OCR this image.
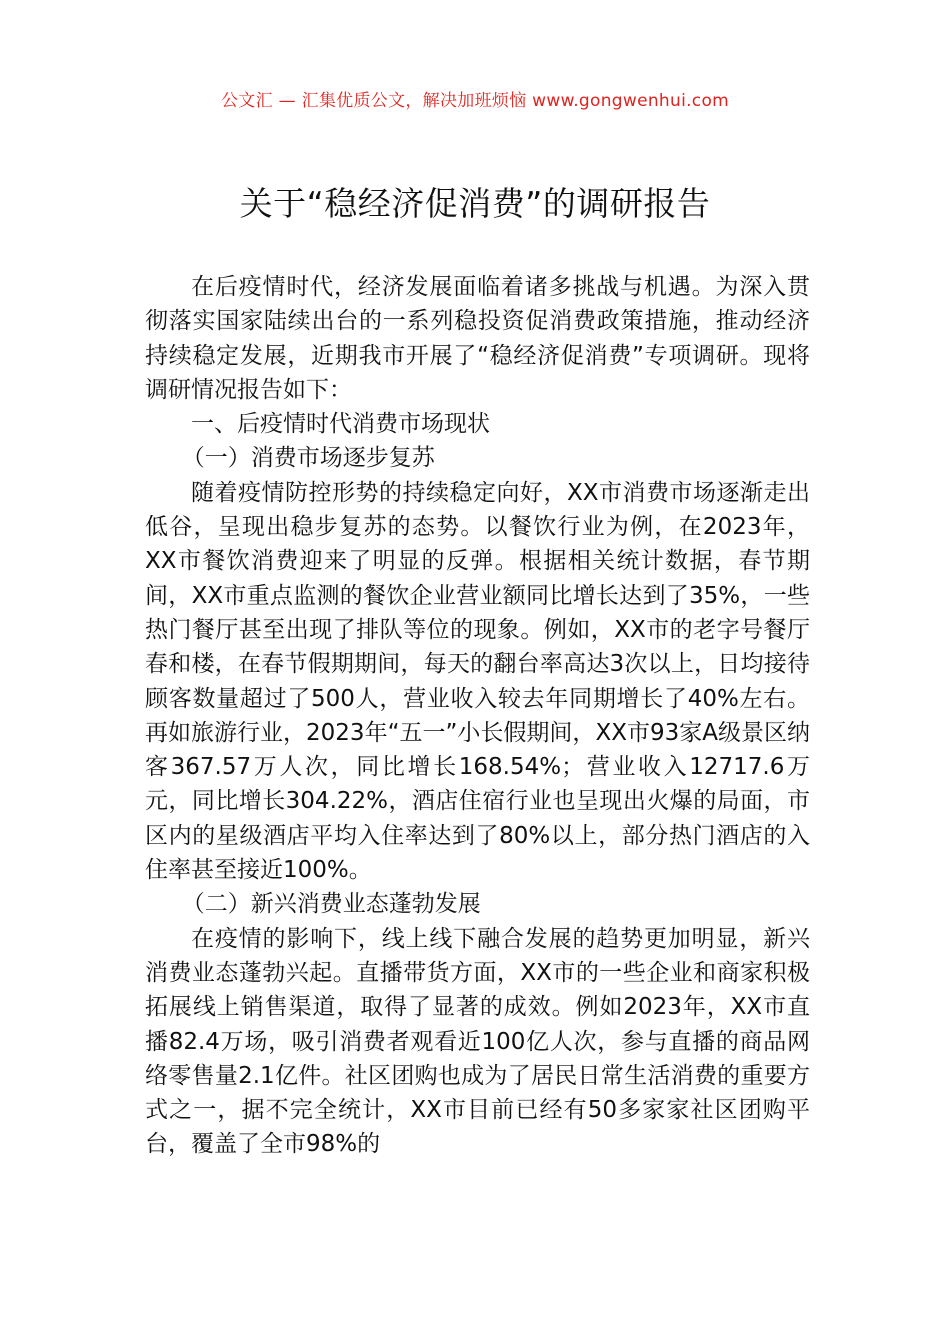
公文汇 — 汇集优质公文，解决加班烦恼 www.gongwenhui.com
关于“稳经济促消费”的调研报告

在后疫情时代，经济发展面临着诸多挑战与机遇。为深入贯彻落实国家陆续出台的一系列稳投资促消费政策措施，推动经济持续稳定发展，近期我市开展了“稳经济促消费”专项调研。现将调研情况报告如下：

一、后疫情时代消费市场现状

（一）消费市场逐步复苏

随着疫情防控形势的持续稳定向好，XX市消费市场逐渐走出低谷，呈现出稳步复苏的态势。以餐饮行业为例，在2023年，XX市餐饮消费迎来了明显的反弹。根据相关统计数据，春节期间，XX市重点监测的餐饮企业营业额同比增长达到了35%，一些热门餐厅甚至出现了排队等位的现象。例如，XX市的老字号餐厅春和楼，在春节假期期间，每天的翻台率高达3次以上，日均接待顾客数量超过了500人，营业收入较去年同期增长了40%左右。再如旅游行业，2023年“五一”小长假期间，XX市93家A级景区纳客367.57万人次，同比增长168.54%；营业收入12717.6万元，同比增长304.22%，酒店住宿行业也呈现出火爆的局面，市区内的星级酒店平均入住率达到了80%以上，部分热门酒店的入住率甚至接近100%。

（二）新兴消费业态蓬勃发展

在疫情的影响下，线上线下融合发展的趋势更加明显，新兴消费业态蓬勃兴起。直播带货方面，XX市的一些企业和商家积极拓展线上销售渠道，取得了显著的成效。例如2023年，XX市直播82.4万场，吸引消费者观看近100亿人次，参与直播的商品网络零售量2.1亿件。社区团购也成为了居民日常生活消费的重要方式之一，据不完全统计，XX市目前已经有50多家家社区团购平台，覆盖了全市98%的
